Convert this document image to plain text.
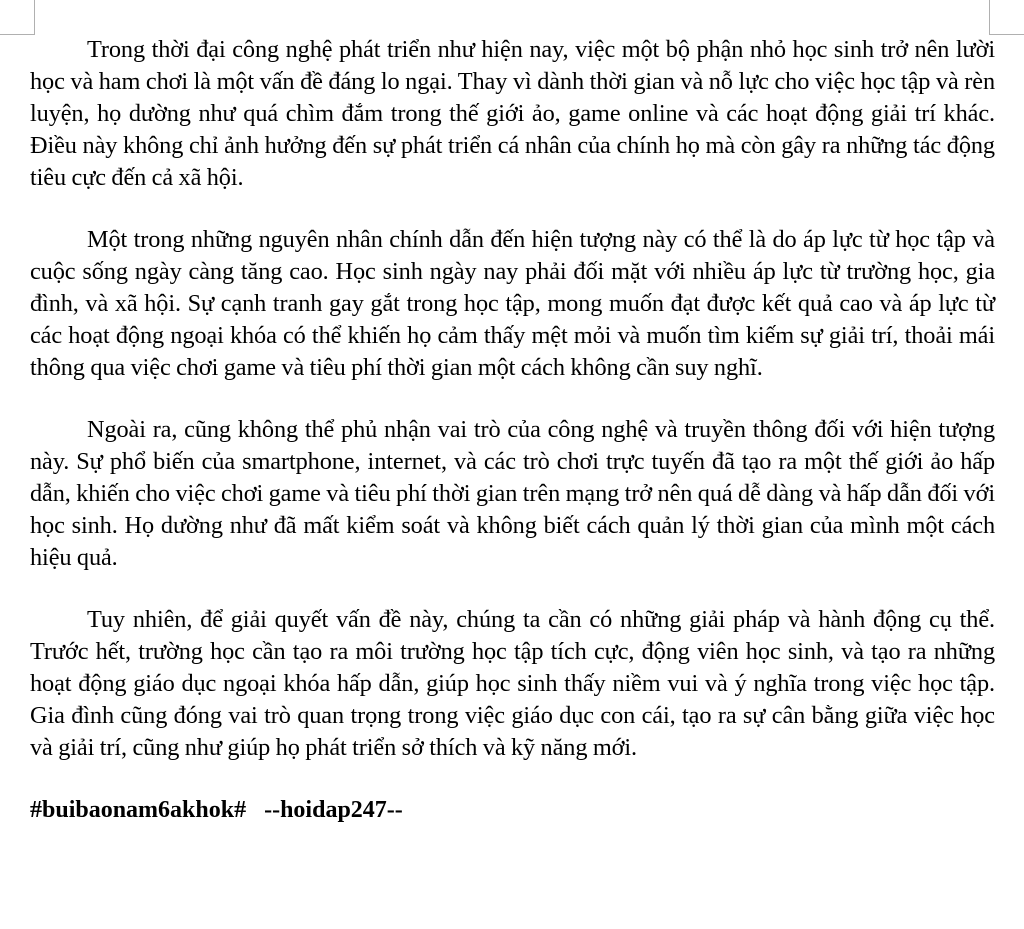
Trong thời đại công nghệ phát triển như hiện nay, việc một bộ phận nhỏ học sinh trở nên lười học và ham chơi là một vấn đề đáng lo ngại. Thay vì dành thời gian và nỗ lực cho việc học tập và rèn luyện, họ dường như quá chìm đắm trong thế giới ảo, game online và các hoạt động giải trí khác. Điều này không chỉ ảnh hưởng đến sự phát triển cá nhân của chính họ mà còn gây ra những tác động tiêu cực đến cả xã hội.

Một trong những nguyên nhân chính dẫn đến hiện tượng này có thể là do áp lực từ học tập và cuộc sống ngày càng tăng cao. Học sinh ngày nay phải đối mặt với nhiều áp lực từ trường học, gia đình, và xã hội. Sự cạnh tranh gay gắt trong học tập, mong muốn đạt được kết quả cao và áp lực từ các hoạt động ngoại khóa có thể khiến họ cảm thấy mệt mỏi và muốn tìm kiếm sự giải trí, thoải mái thông qua việc chơi game và tiêu phí thời gian một cách không cần suy nghĩ.

Ngoài ra, cũng không thể phủ nhận vai trò của công nghệ và truyền thông đối với hiện tượng này. Sự phổ biến của smartphone, internet, và các trò chơi trực tuyến đã tạo ra một thế giới ảo hấp dẫn, khiến cho việc chơi game và tiêu phí thời gian trên mạng trở nên quá dễ dàng và hấp dẫn đối với học sinh. Họ dường như đã mất kiểm soát và không biết cách quản lý thời gian của mình một cách hiệu quả.

Tuy nhiên, để giải quyết vấn đề này, chúng ta cần có những giải pháp và hành động cụ thể. Trước hết, trường học cần tạo ra môi trường học tập tích cực, động viên học sinh, và tạo ra những hoạt động giáo dục ngoại khóa hấp dẫn, giúp học sinh thấy niềm vui và ý nghĩa trong việc học tập. Gia đình cũng đóng vai trò quan trọng trong việc giáo dục con cái, tạo ra sự cân bằng giữa việc học và giải trí, cũng như giúp họ phát triển sở thích và kỹ năng mới.

#buibaonam6akhok#   --hoidap247--
